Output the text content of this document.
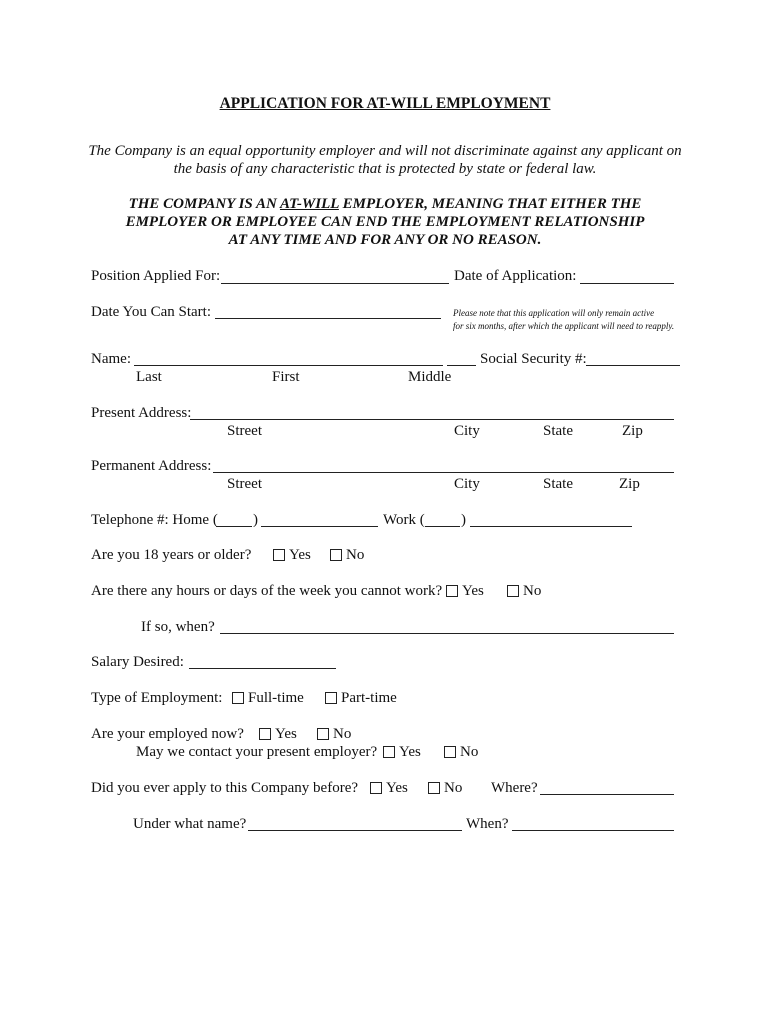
APPLICATION FOR AT-WILL EMPLOYMENT
The Company is an equal opportunity employer and will not discriminate against any applicant on
the basis of any characteristic that is protected by state or federal law.
THE COMPANY IS AN AT-WILL EMPLOYER, MEANING THAT EITHER THE
EMPLOYER OR EMPLOYEE CAN END THE EMPLOYMENT RELATIONSHIP
AT ANY TIME AND FOR ANY OR NO REASON.
Position Applied For:	Date of Application:
Date You Can Start:	Please note that this application will only remain active
for six months, after which the applicant will need to reapply.
Name:	Social Security #:
Last	First	Middle
Present Address:
Street	City	State	Zip
Permanent Address:
Street	City	State	Zip
Telephone #: Home ( )	Work ( )
Are you 18 years or older?	Yes No
Are there any hours or days of the week you cannot work? Yes	No
If so, when?
Salary Desired:
Type of Employment: Full-time Part-time
Are your employed now? Yes No
May we contact your present employer? Yes	No
Did you ever apply to this Company before? Yes No Where?
Under what name?	When?
